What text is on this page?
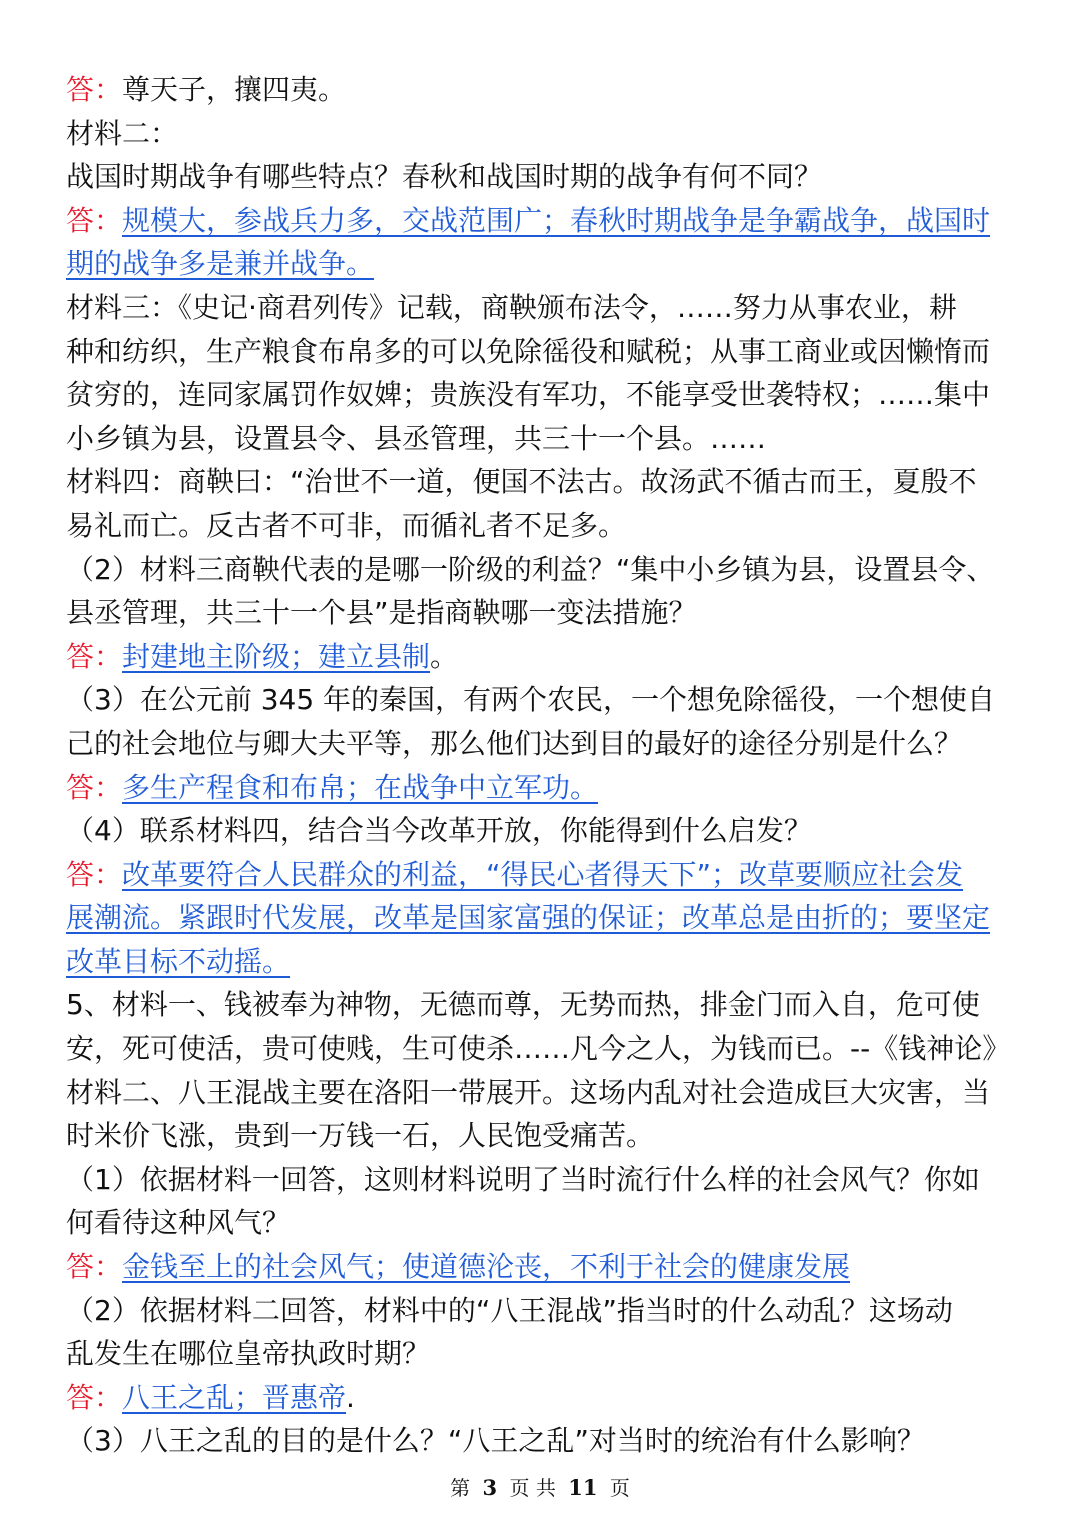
答：尊天子，攘四夷。

材料二：

战国时期战争有哪些特点？春秋和战国时期的战争有何不同？

答：规模大，参战兵力多，交战范围广；春秋时期战争是争霸战争，战国时

期的战争多是兼并战争。

材料三：《史记·商君列传》记载，商鞅颁布法令，……努力从事农业，耕

种和纺织，生产粮食布帛多的可以免除徭役和赋税；从事工商业或因懒惰而

贫穷的，连同家属罚作奴婢；贵族没有军功，不能享受世袭特权；……集中

小乡镇为县，设置县令、县丞管理，共三十一个县。……

材料四：商鞅曰：“治世不一道，便国不法古。故汤武不循古而王，夏殷不

易礼而亡。反古者不可非，而循礼者不足多。

（2）材料三商鞅代表的是哪一阶级的利益？“集中小乡镇为县，设置县令、

县丞管理，共三十一个县”是指商鞅哪一变法措施？

答：封建地主阶级；建立县制。

（3）在公元前 345 年的秦国，有两个农民，一个想免除徭役，一个想使自

己的社会地位与卿大夫平等，那么他们达到目的最好的途径分别是什么？

答：多生产程食和布帛；在战争中立军功。

（4）联系材料四，结合当今改革开放，你能得到什么启发？

答：改革要符合人民群众的利益，“得民心者得天下”；改草要顺应社会发

展潮流。紧跟时代发展，改革是国家富强的保证；改革总是由折的；要坚定

改革目标不动摇。

5、材料一、钱被奉为神物，无德而尊，无势而热，排金门而入自，危可使

安，死可使活，贵可使贱，生可使杀……凡今之人，为钱而已。--《钱神论》

材料二、八王混战主要在洛阳一带展开。这场内乱对社会造成巨大灾害，当

时米价飞涨，贵到一万钱一石，人民饱受痛苦。

（1）依据材料一回答，这则材料说明了当时流行什么样的社会风气？你如

何看待这种风气？

答：金钱至上的社会风气；使道德沦丧，不利于社会的健康发展

（2）依据材料二回答，材料中的“八王混战”指当时的什么动乱？这场动

乱发生在哪位皇帝执政时期？

答：八王之乱；晋惠帝.

（3）八王之乱的目的是什么？“八王之乱”对当时的统治有什么影响？

第 3 页 共 11 页
